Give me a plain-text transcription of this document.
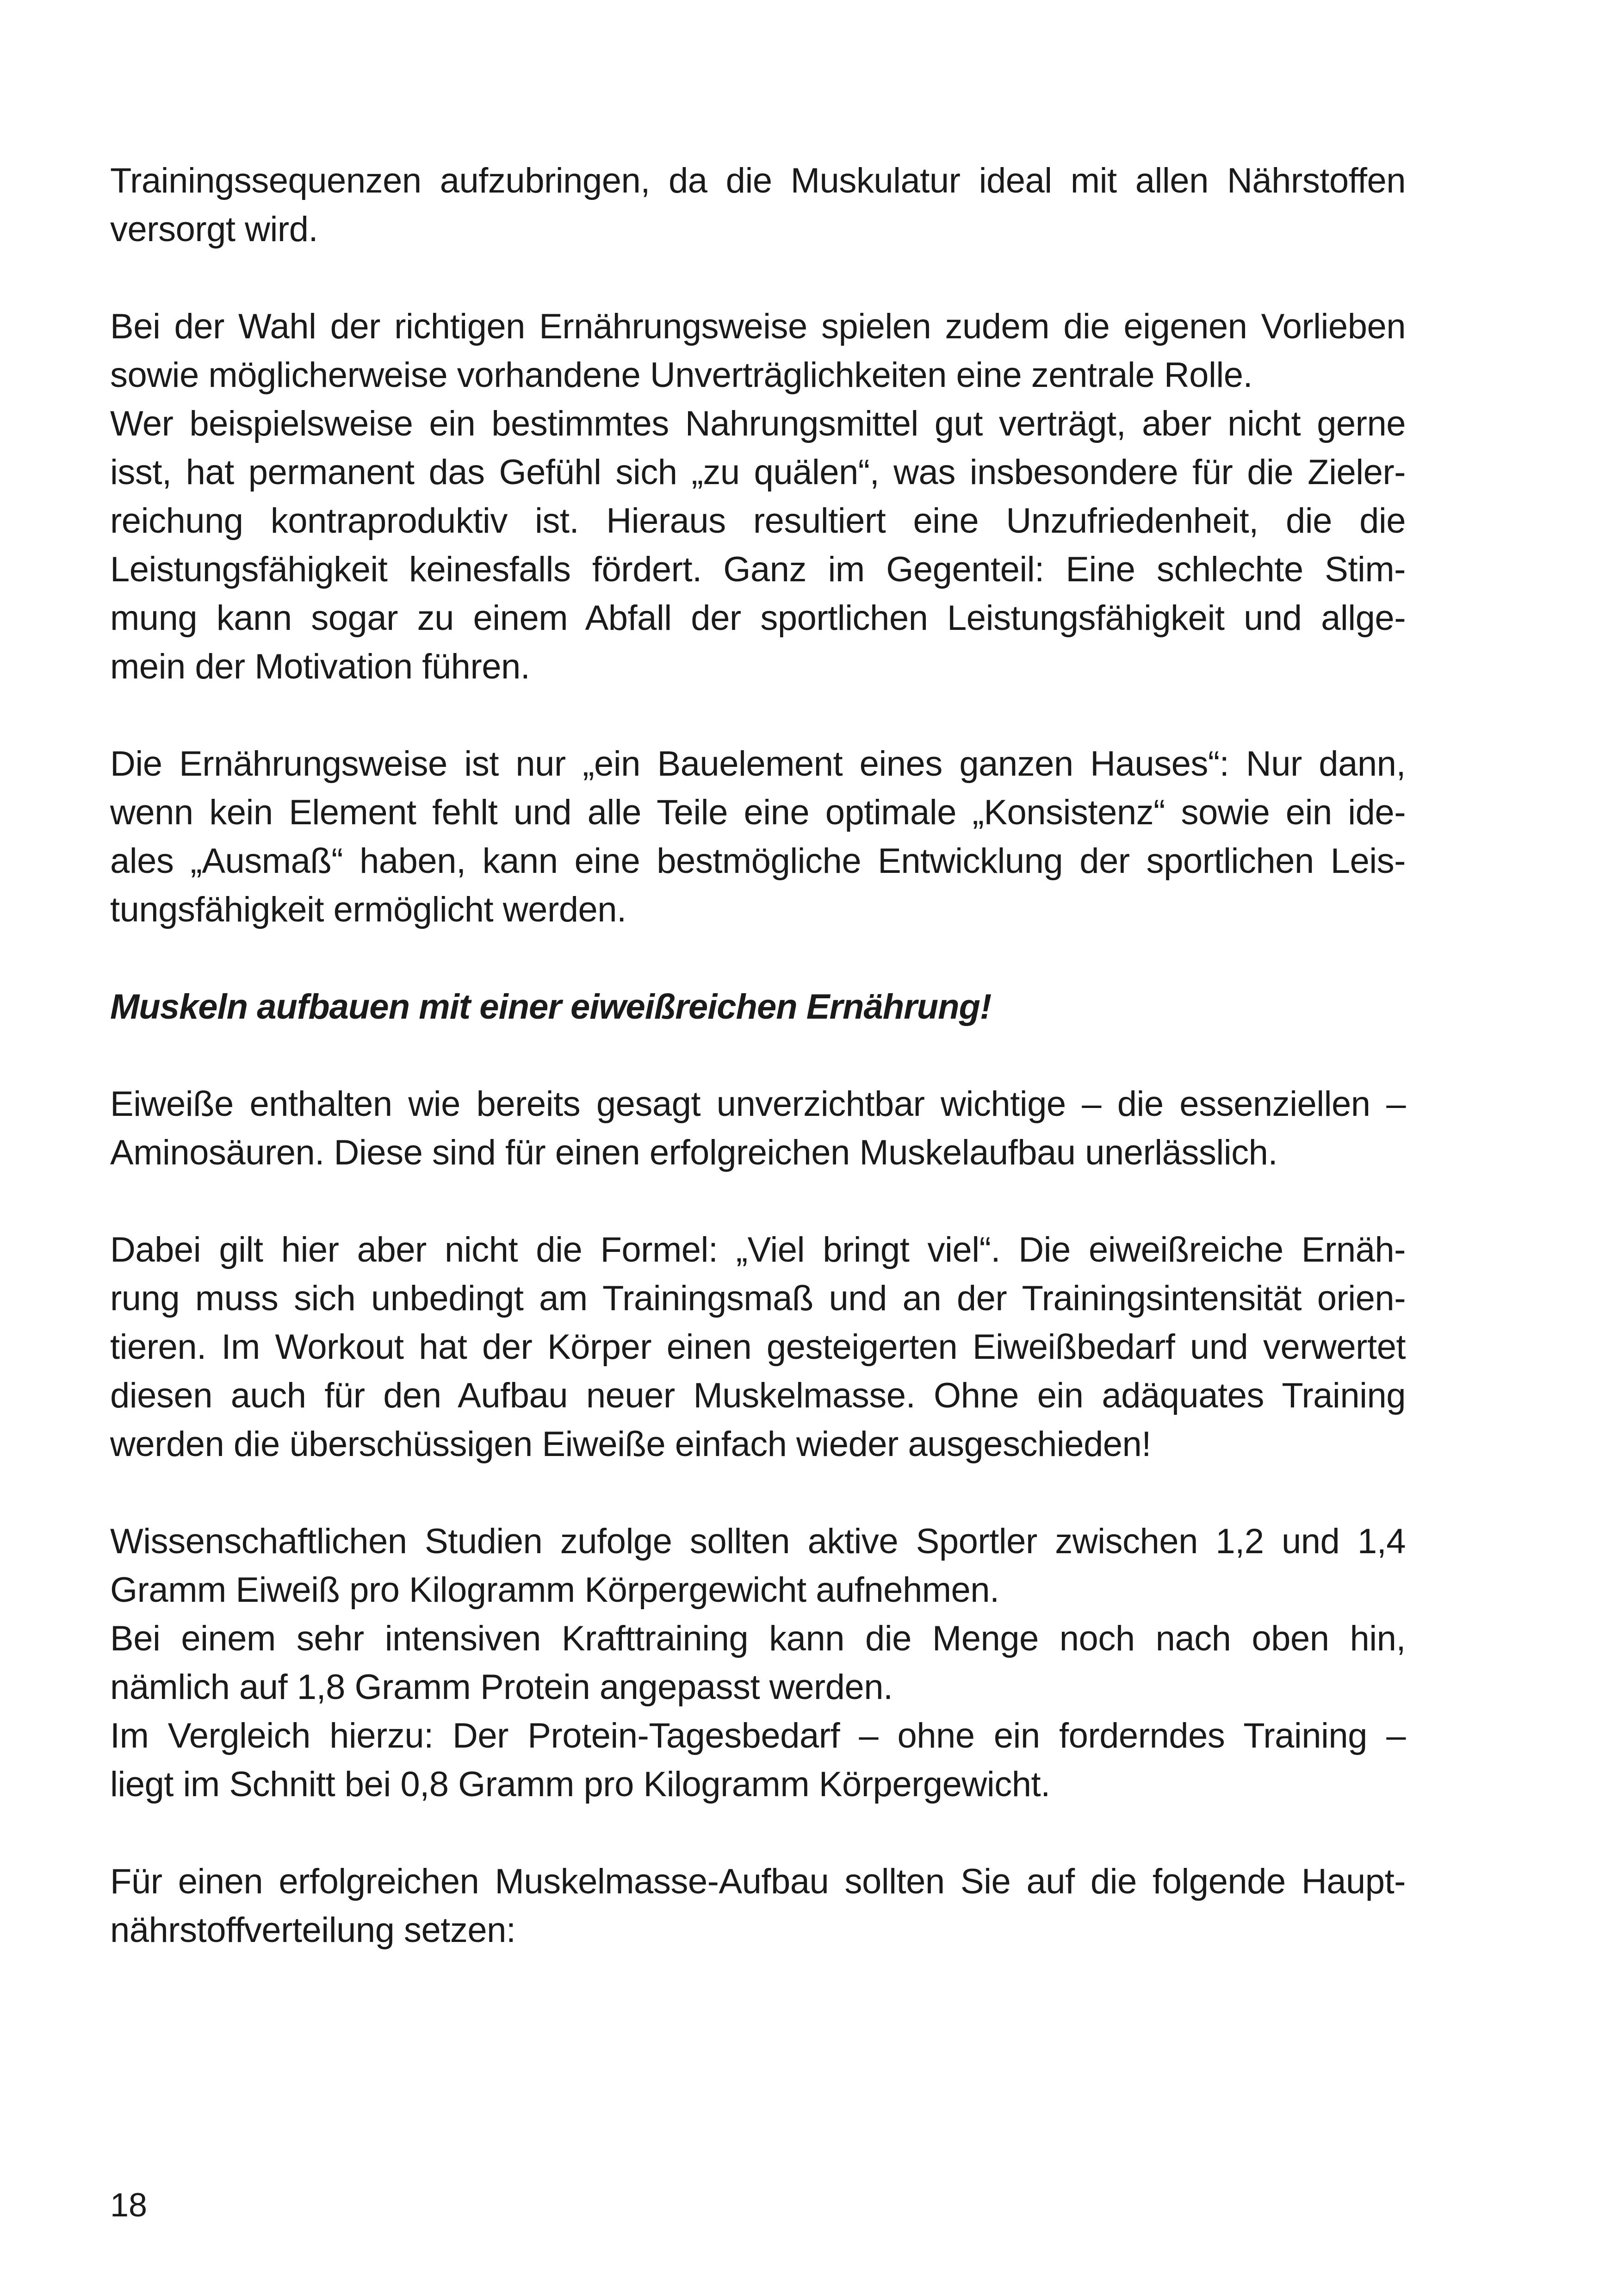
Trainingssequenzen aufzubringen, da die Muskulatur ideal mit allen Nährstoffen
versorgt wird.
Bei der Wahl der richtigen Ernährungsweise spielen zudem die eigenen Vorlieben
sowie möglicherweise vorhandene Unverträglichkeiten eine zentrale Rolle.
Wer beispielsweise ein bestimmtes Nahrungsmittel gut verträgt, aber nicht gerne
isst, hat permanent das Gefühl sich „zu quälen“, was insbesondere für die Zieler-
reichung kontraproduktiv ist. Hieraus resultiert eine Unzufriedenheit, die die
Leistungsfähigkeit keinesfalls fördert. Ganz im Gegenteil: Eine schlechte Stim-
mung kann sogar zu einem Abfall der sportlichen Leistungsfähigkeit und allge-
mein der Motivation führen.
Die Ernährungsweise ist nur „ein Bauelement eines ganzen Hauses“: Nur dann,
wenn kein Element fehlt und alle Teile eine optimale „Konsistenz“ sowie ein ide-
ales „Ausmaß“ haben, kann eine bestmögliche Entwicklung der sportlichen Leis-
tungsfähigkeit ermöglicht werden.
Muskeln aufbauen mit einer eiweißreichen Ernährung!
Eiweiße enthalten wie bereits gesagt unverzichtbar wichtige – die essenziellen –
Aminosäuren. Diese sind für einen erfolgreichen Muskelaufbau unerlässlich.
Dabei gilt hier aber nicht die Formel: „Viel bringt viel“. Die eiweißreiche Ernäh-
rung muss sich unbedingt am Trainingsmaß und an der Trainingsintensität orien-
tieren. Im Workout hat der Körper einen gesteigerten Eiweißbedarf und verwertet
diesen auch für den Aufbau neuer Muskelmasse. Ohne ein adäquates Training
werden die überschüssigen Eiweiße einfach wieder ausgeschieden!
Wissenschaftlichen Studien zufolge sollten aktive Sportler zwischen 1,2 und 1,4
Gramm Eiweiß pro Kilogramm Körpergewicht aufnehmen.
Bei einem sehr intensiven Krafttraining kann die Menge noch nach oben hin,
nämlich auf 1,8 Gramm Protein angepasst werden.
Im Vergleich hierzu: Der Protein-Tagesbedarf – ohne ein forderndes Training –
liegt im Schnitt bei 0,8 Gramm pro Kilogramm Körpergewicht.
Für einen erfolgreichen Muskelmasse-Aufbau sollten Sie auf die folgende Haupt-
nährstoffverteilung setzen:
18
